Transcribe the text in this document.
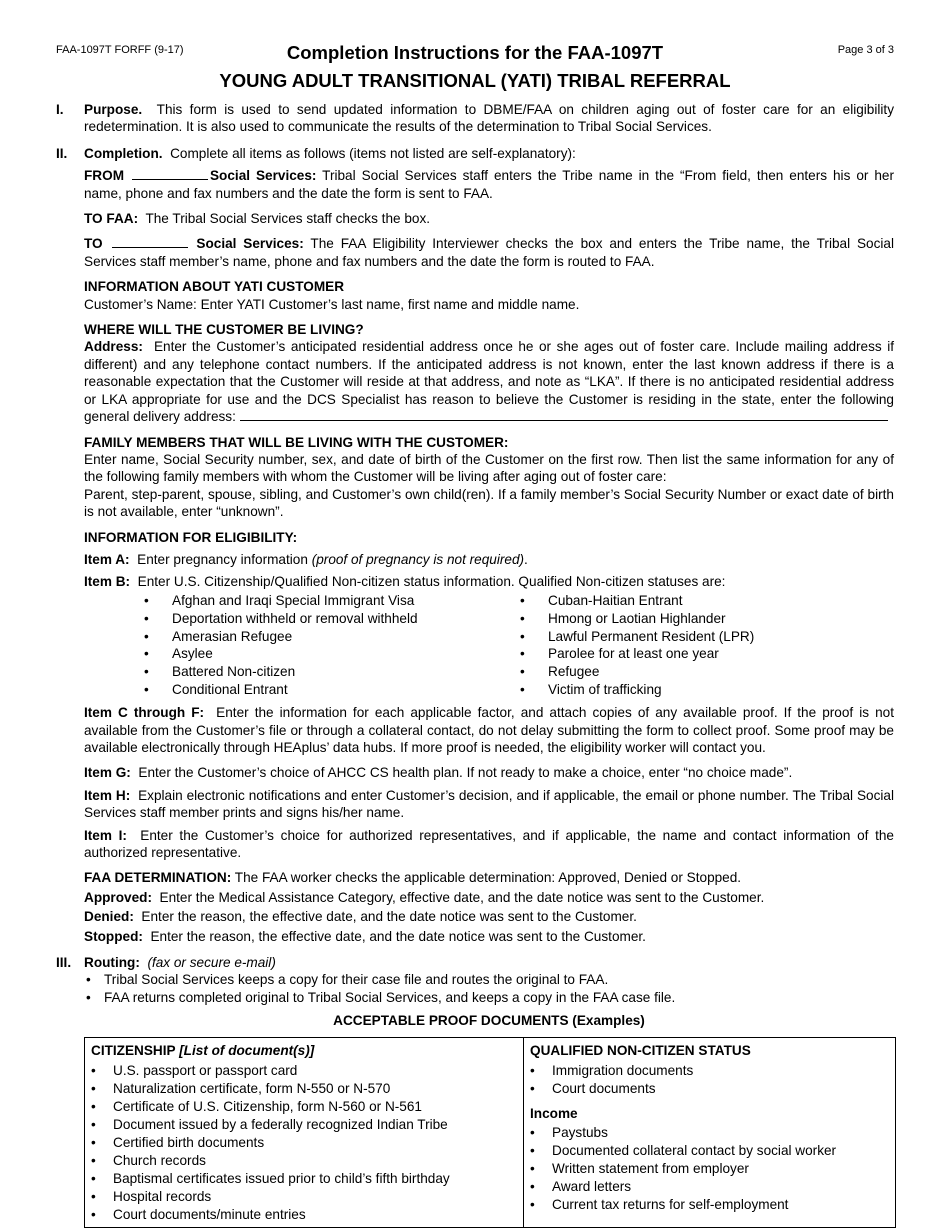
FAA-1097T FORFF (9-17)	Page 3 of 3
Completion Instructions for the FAA-1097T
YOUNG ADULT TRANSITIONAL (YATI) TRIBAL REFERRAL
I. Purpose. This form is used to send updated information to DBME/FAA on children aging out of foster care for an eligibility redetermination. It is also used to communicate the results of the determination to Tribal Social Services.

II. Completion. Complete all items as follows (items not listed are self-explanatory):

FROM	Social Services: Tribal Social Services staff enters the Tribe name in the “From field, then enters his or her name, phone and fax numbers and the date the form is sent to FAA.

TO FAA: The Tribal Social Services staff checks the box.

TO	Social Services: The FAA Eligibility Interviewer checks the box and enters the Tribe name, the Tribal Social Services staff member’s name, phone and fax numbers and the date the form is routed to FAA.

INFORMATION ABOUT YATI CUSTOMER

Customer’s Name: Enter YATI Customer’s last name, first name and middle name.

WHERE WILL THE CUSTOMER BE LIVING?

Address: Enter the Customer’s anticipated residential address once he or she ages out of foster care. Include mailing address if different) and any telephone contact numbers. If the anticipated address is not known, enter the last known address if there is a reasonable expectation that the Customer will reside at that address, and note as “LKA”. If there is no anticipated residential address or LKA appropriate for use and the DCS Specialist has reason to believe the Customer is residing in the state, enter the following general delivery address:

FAMILY MEMBERS THAT WILL BE LIVING WITH THE CUSTOMER:

Enter name, Social Security number, sex, and date of birth of the Customer on the first row. Then list the same information for any of the following family members with whom the Customer will be living after aging out of foster care:

Parent, step-parent, spouse, sibling, and Customer’s own child(ren). If a family member’s Social Security Number or exact date of birth is not available, enter “unknown”.

INFORMATION FOR ELIGIBILITY:

Item A: Enter pregnancy information (proof of pregnancy is not required).

Item B: Enter U.S. Citizenship/Qualified Non-citizen status information. Qualified Non-citizen statuses are:

• Afghan and Iraqi Special Immigrant Visa
• Deportation withheld or removal withheld
• Amerasian Refugee
• Asylee
• Battered Non-citizen
• Conditional Entrant
• Cuban-Haitian Entrant
• Hmong or Laotian Highlander
• Lawful Permanent Resident (LPR)
• Parolee for at least one year
• Refugee
• Victim of trafficking

Item C through F: Enter the information for each applicable factor, and attach copies of any available proof. If the proof is not available from the Customer’s file or through a collateral contact, do not delay submitting the form to collect proof. Some proof may be available electronically through HEAplus’ data hubs. If more proof is needed, the eligibility worker will contact you.

Item G: Enter the Customer’s choice of AHCC CS health plan. If not ready to make a choice, enter “no choice made”.

Item H: Explain electronic notifications and enter Customer’s decision, and if applicable, the email or phone number. The Tribal Social Services staff member prints and signs his/her name.

Item I: Enter the Customer’s choice for authorized representatives, and if applicable, the name and contact information of the authorized representative.

FAA DETERMINATION: The FAA worker checks the applicable determination: Approved, Denied or Stopped.

Approved: Enter the Medical Assistance Category, effective date, and the date notice was sent to the Customer.

Denied: Enter the reason, the effective date, and the date notice was sent to the Customer.

Stopped: Enter the reason, the effective date, and the date notice was sent to the Customer.

III. Routing: (fax or secure e-mail)

• Tribal Social Services keeps a copy for their case file and routes the original to FAA.
• FAA returns completed original to Tribal Social Services, and keeps a copy in the FAA case file.
ACCEPTABLE PROOF DOCUMENTS (Examples)
CITIZENSHIP [List of document(s)]
• U.S. passport or passport card
• Naturalization certificate, form N-550 or N-570
• Certificate of U.S. Citizenship, form N-560 or N-561
• Document issued by a federally recognized Indian Tribe
• Certified birth documents
• Church records
• Baptismal certificates issued prior to child’s fifth birthday
• Hospital records
• Court documents/minute entries
QUALIFIED NON-CITIZEN STATUS
• Immigration documents
• Court documents
Income
• Paystubs
• Documented collateral contact by social worker
• Written statement from employer
• Award letters
• Current tax returns for self-employment
